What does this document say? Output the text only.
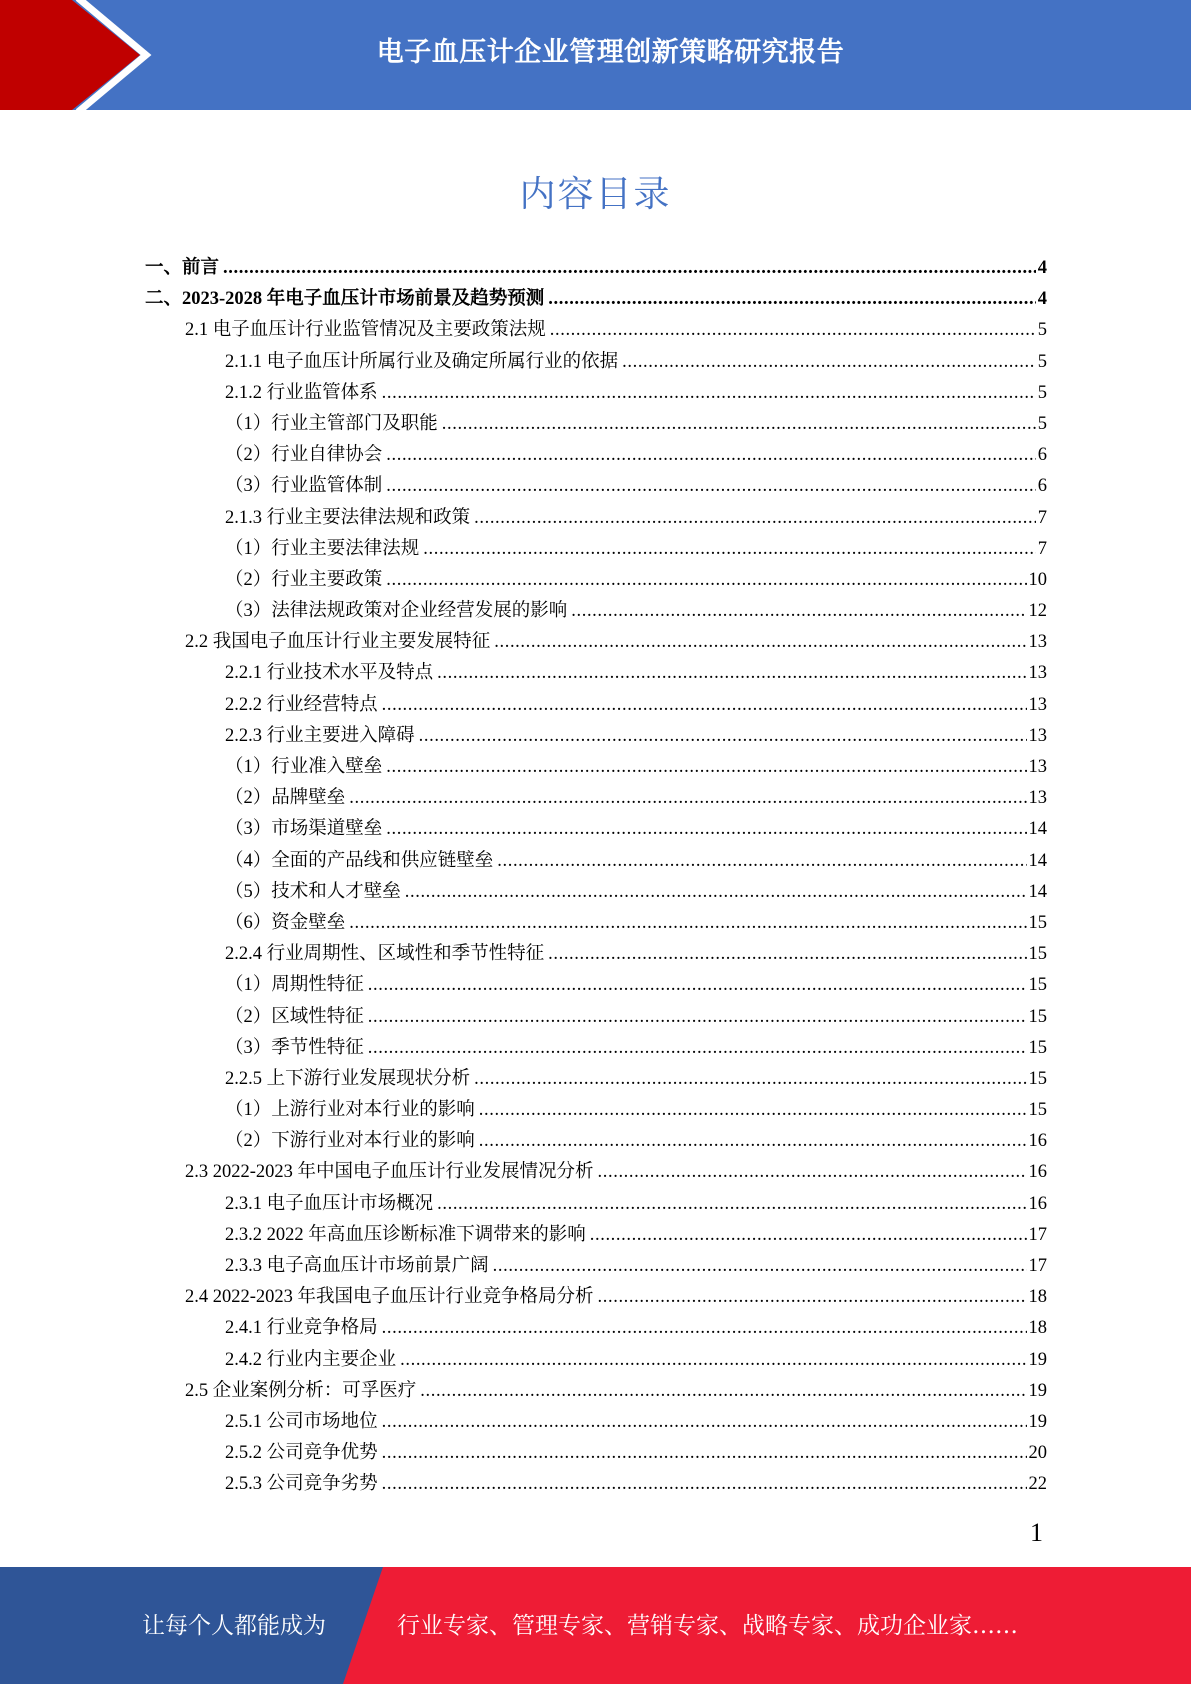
电子血压计企业管理创新策略研究报告
内容目录
一、前言 .....	4
二、2023-2028 年电子血压计市场前景及趋势预测 .....	4
2.1 电子血压计行业监管情况及主要政策法规 .....	5
2.1.1 电子血压计所属行业及确定所属行业的依据 .....	5
2.1.2 行业监管体系 .....	5
（1）行业主管部门及职能 .....	5
（2）行业自律协会 .....	6
（3）行业监管体制 .....	6
2.1.3 行业主要法律法规和政策 .....	7
（1）行业主要法律法规 .....	7
（2）行业主要政策 .....	10
（3）法律法规政策对企业经营发展的影响 .....	12
2.2 我国电子血压计行业主要发展特征 .....	13
2.2.1 行业技术水平及特点 .....	13
2.2.2 行业经营特点 .....	13
2.2.3 行业主要进入障碍 .....	13
（1）行业准入壁垒 .....	13
（2）品牌壁垒 .....	13
（3）市场渠道壁垒 .....	14
（4）全面的产品线和供应链壁垒 .....	14
（5）技术和人才壁垒 .....	14
（6）资金壁垒 .....	15
2.2.4 行业周期性、区域性和季节性特征 .....	15
（1）周期性特征 .....	15
（2）区域性特征 .....	15
（3）季节性特征 .....	15
2.2.5 上下游行业发展现状分析 .....	15
（1）上游行业对本行业的影响 .....	15
（2）下游行业对本行业的影响 .....	16
2.3 2022-2023 年中国电子血压计行业发展情况分析 .....	16
2.3.1 电子血压计市场概况 .....	16
2.3.2 2022 年高血压诊断标准下调带来的影响 .....	17
2.3.3 电子高血压计市场前景广阔 .....	17
2.4 2022-2023 年我国电子血压计行业竞争格局分析 .....	18
2.4.1 行业竞争格局 .....	18
2.4.2 行业内主要企业 .....	19
2.5 企业案例分析：可孚医疗 .....	19
2.5.1 公司市场地位 .....	19
2.5.2 公司竞争优势 .....	20
2.5.3 公司竞争劣势 .....	22
1
让每个人都能成为	行业专家、管理专家、营销专家、战略专家、成功企业家……
